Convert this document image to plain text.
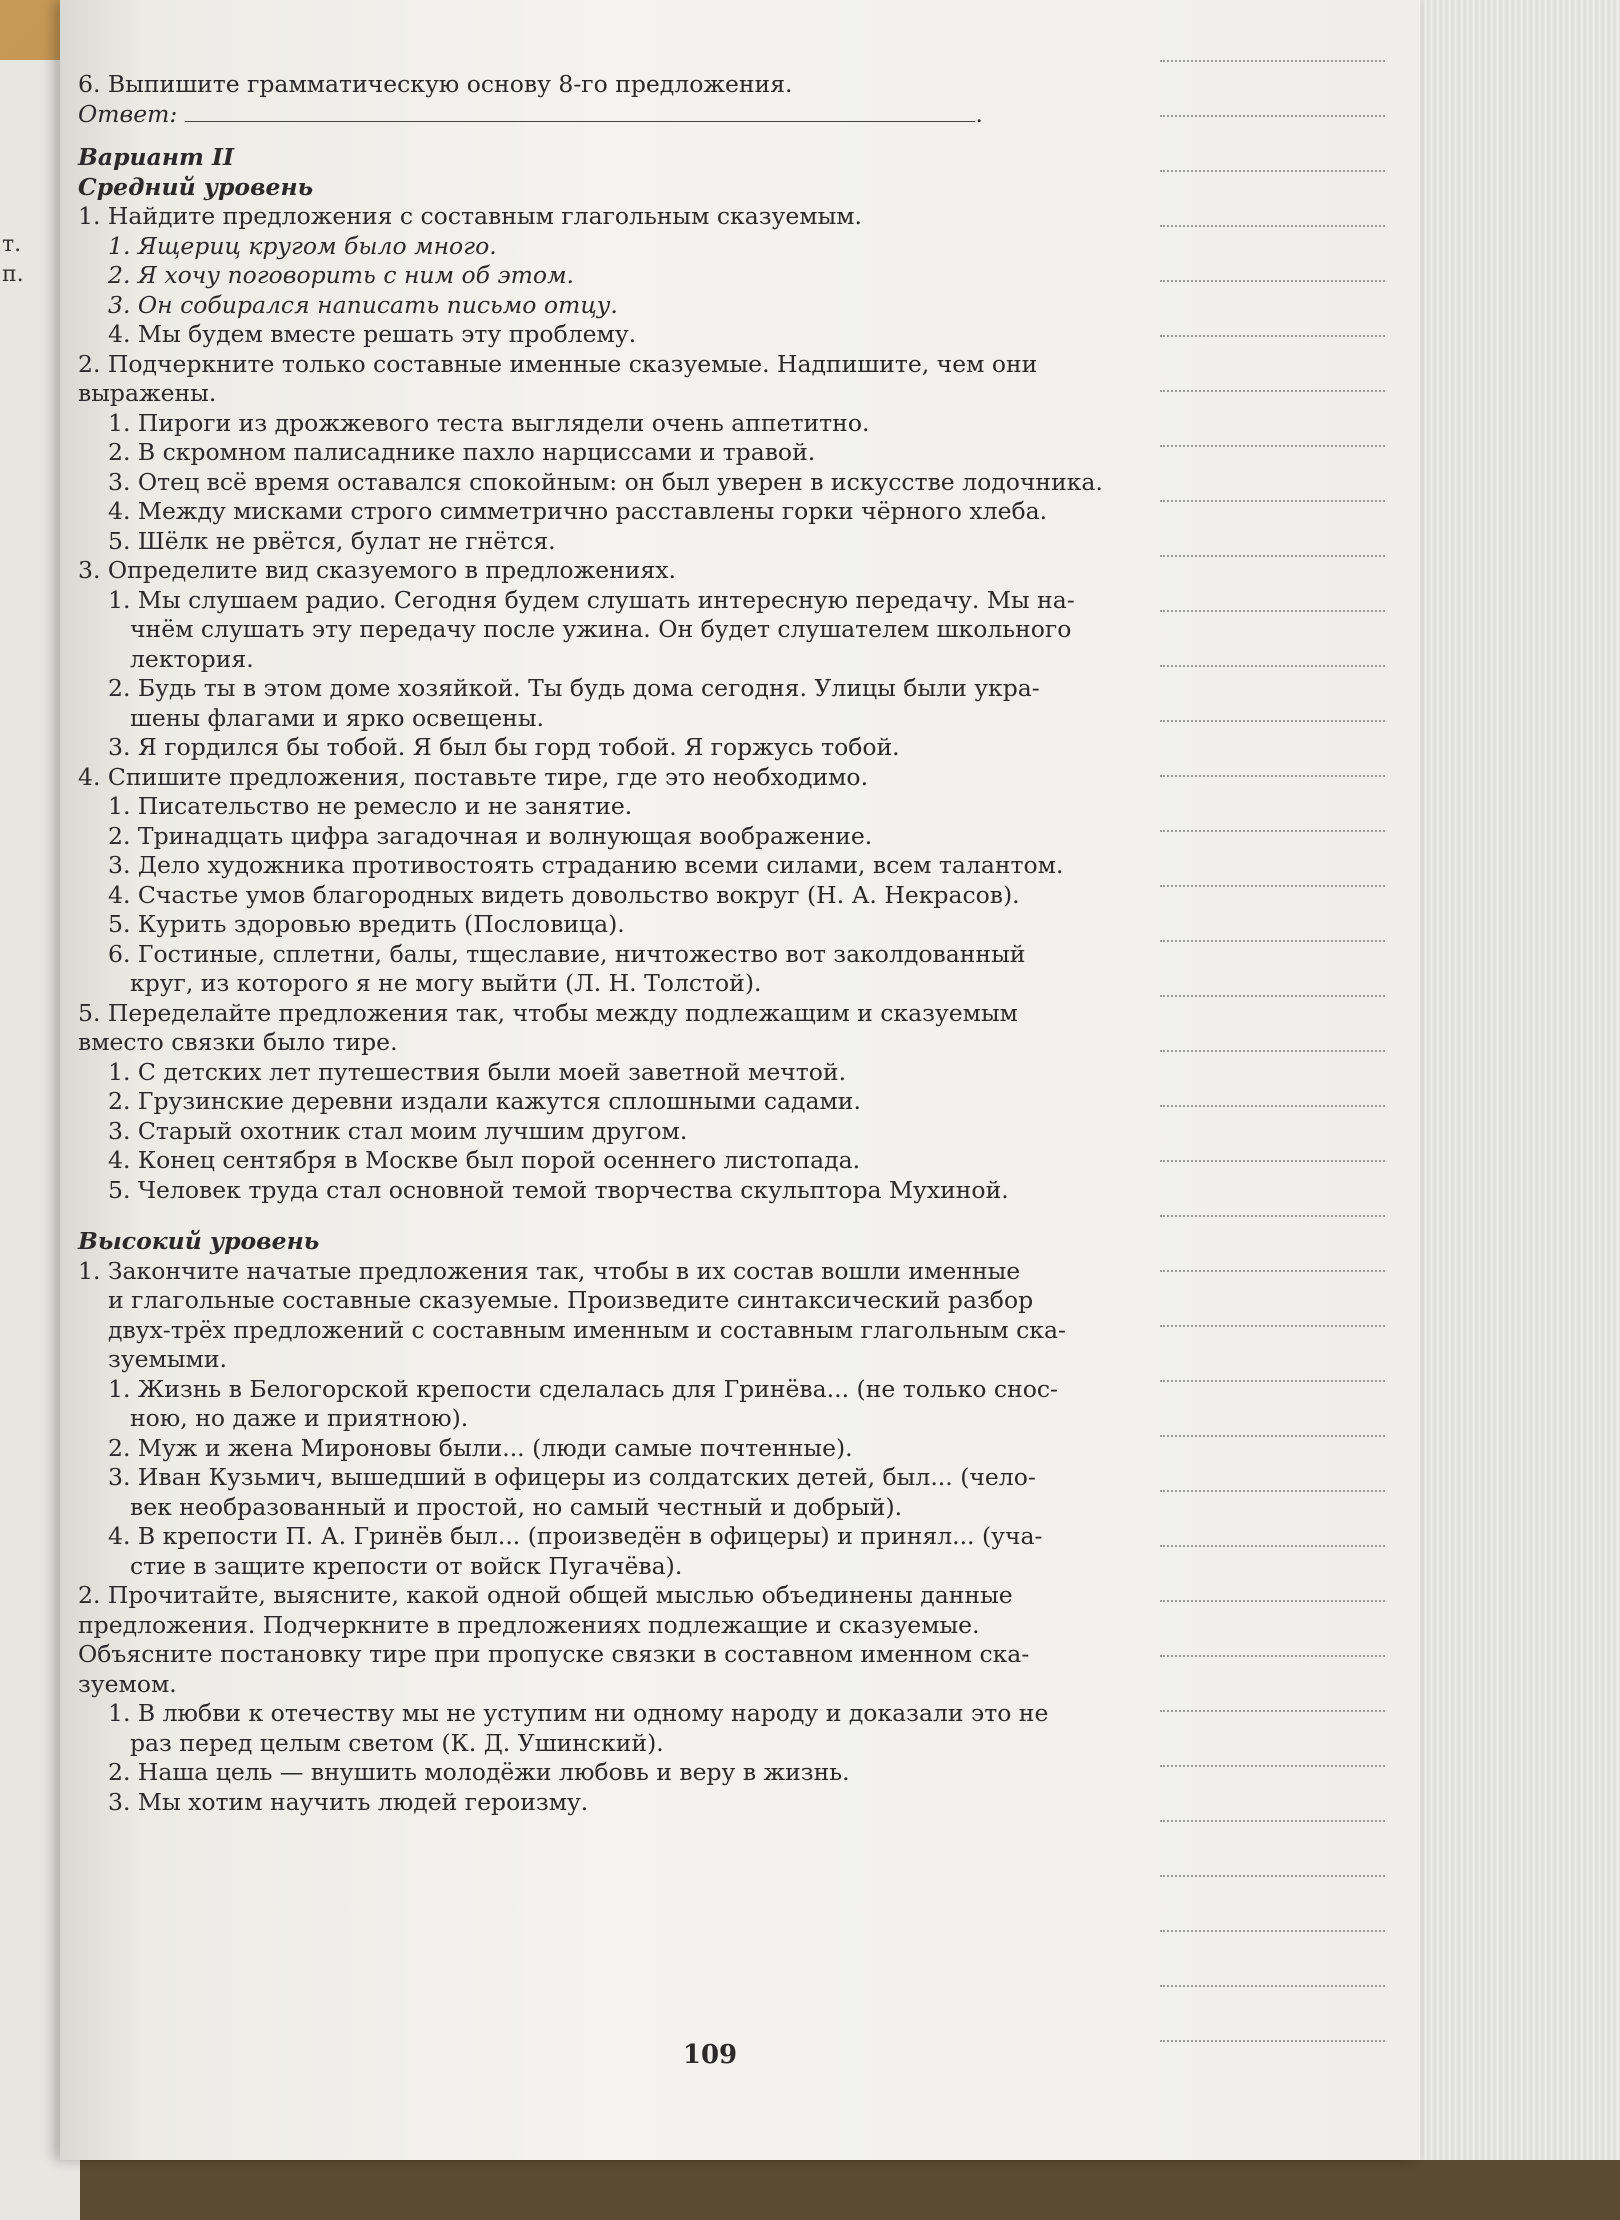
т.
п.

6. Выпишите грамматическую основу 8-го предложения.

Ответ:	.

Вариант II

Средний уровень

1. Найдите предложения с составным глагольным сказуемым.

1. Ящериц кругом было много.

2. Я хочу поговорить с ним об этом.

3. Он собирался написать письмо отцу.

4. Мы будем вместе решать эту проблему.

2. Подчеркните только составные именные сказуемые. Надпишите, чем они

выражены.

1. Пироги из дрожжевого теста выглядели очень аппетитно.

2. В скромном палисаднике пахло нарциссами и травой.

3. Отец всё время оставался спокойным: он был уверен в искусстве лодочника.

4. Между мисками строго симметрично расставлены горки чёрного хлеба.

5. Шёлк не рвётся, булат не гнётся.

3. Определите вид сказуемого в предложениях.

1. Мы слушаем радио. Сегодня будем слушать интересную передачу. Мы на-

чнём слушать эту передачу после ужина. Он будет слушателем школьного

лектория.

2. Будь ты в этом доме хозяйкой. Ты будь дома сегодня. Улицы были укра-

шены флагами и ярко освещены.

3. Я гордился бы тобой. Я был бы горд тобой. Я горжусь тобой.

4. Спишите предложения, поставьте тире, где это необходимо.

1. Писательство не ремесло и не занятие.

2. Тринадцать цифра загадочная и волнующая воображение.

3. Дело художника противостоять страданию всеми силами, всем талантом.

4. Счастье умов благородных видеть довольство вокруг (Н. А. Некрасов).

5. Курить здоровью вредить (Пословица).

6. Гостиные, сплетни, балы, тщеславие, ничтожество вот заколдованный

круг, из которого я не могу выйти (Л. Н. Толстой).

5. Переделайте предложения так, чтобы между подлежащим и сказуемым

вместо связки было тире.

1. С детских лет путешествия были моей заветной мечтой.

2. Грузинские деревни издали кажутся сплошными садами.

3. Старый охотник стал моим лучшим другом.

4. Конец сентября в Москве был порой осеннего листопада.

5. Человек труда стал основной темой творчества скульптора Мухиной.

Высокий уровень

1. Закончите начатые предложения так, чтобы в их состав вошли именные

и глагольные составные сказуемые. Произведите синтаксический разбор

двух-трёх предложений с составным именным и составным глагольным ска-

зуемыми.

1. Жизнь в Белогорской крепости сделалась для Гринёва... (не только снос-

ною, но даже и приятною).

2. Муж и жена Мироновы были... (люди самые почтенные).

3. Иван Кузьмич, вышедший в офицеры из солдатских детей, был... (чело-

век необразованный и простой, но самый честный и добрый).

4. В крепости П. А. Гринёв был... (произведён в офицеры) и принял... (уча-

стие в защите крепости от войск Пугачёва).

2. Прочитайте, выясните, какой одной общей мыслью объединены данные

предложения. Подчеркните в предложениях подлежащие и сказуемые.

Объясните постановку тире при пропуске связки в составном именном ска-

зуемом.

1. В любви к отечеству мы не уступим ни одному народу и доказали это не

раз перед целым светом (К. Д. Ушинский).

2. Наша цель — внушить молодёжи любовь и веру в жизнь.

3. Мы хотим научить людей героизму.

109
